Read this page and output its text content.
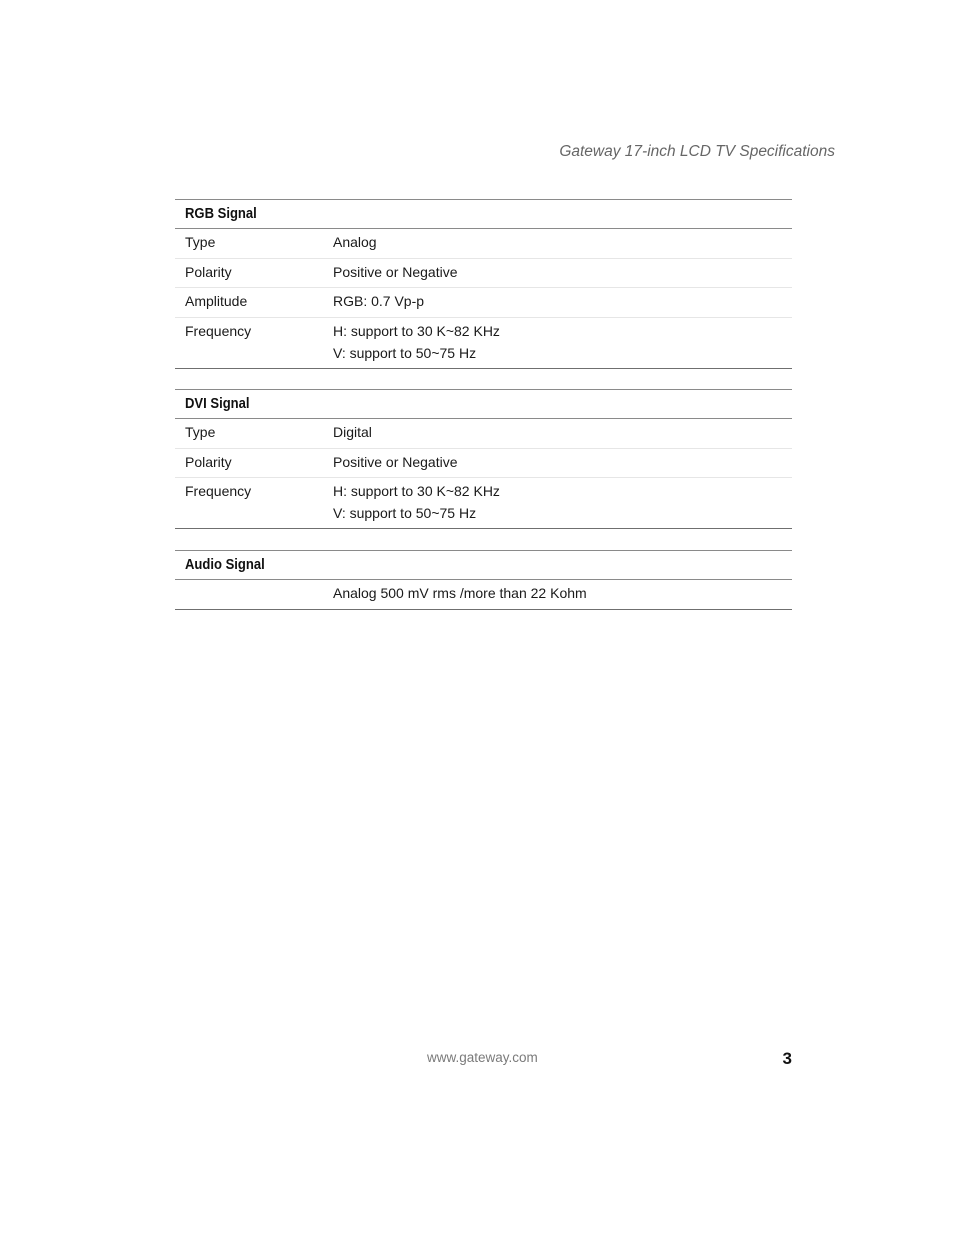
Gateway 17-inch LCD TV Specifications
RGB Signal
Type	Analog
Polarity	Positive or Negative
Amplitude	RGB: 0.7 Vp-p
Frequency	H: support to 30 K~82 KHz
V: support to 50~75 Hz
DVI Signal
Type	Digital
Polarity	Positive or Negative
Frequency	H: support to 30 K~82 KHz
V: support to 50~75 Hz
Audio Signal
Analog 500 mV rms /more than 22 Kohm
www.gateway.com	3
